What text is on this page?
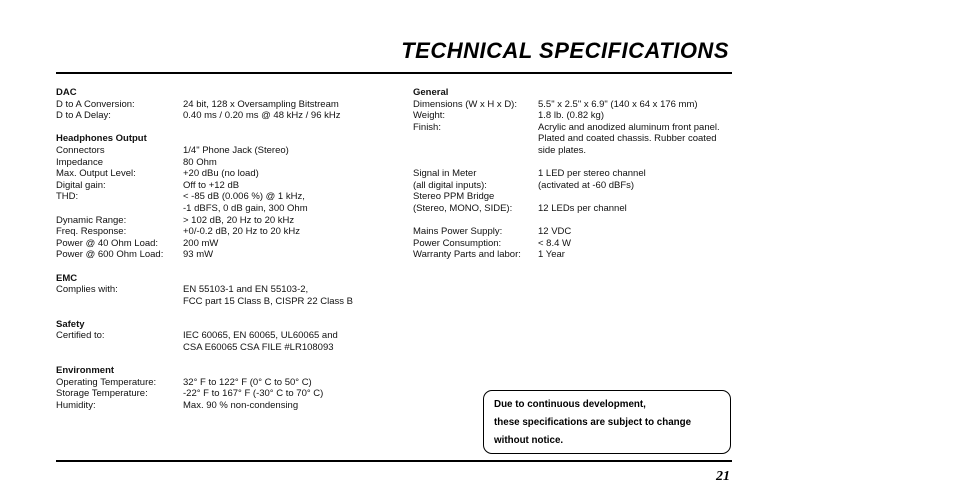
TECHNICAL SPECIFICATIONS
DAC
D to A Conversion:	24 bit, 128 x Oversampling Bitstream
D to A Delay:	0.40 ms / 0.20 ms @ 48 kHz / 96 kHz
Headphones Output
Connectors	1/4" Phone Jack (Stereo)
Impedance	80 Ohm
Max. Output Level:	+20 dBu (no load)
Digital gain:	Off to +12 dB
THD:	< -85 dB (0.006 %) @ 1 kHz,
-1 dBFS, 0 dB gain, 300 Ohm
Dynamic Range:	> 102 dB, 20 Hz to 20 kHz
Freq. Response:	+0/-0.2 dB, 20 Hz to 20 kHz
Power @ 40 Ohm Load:	200 mW
Power @ 600 Ohm Load:	93 mW
EMC
Complies with:	EN 55103-1 and EN 55103-2,
FCC part 15 Class B, CISPR 22 Class B
Safety
Certified to:	IEC 60065, EN 60065, UL60065 and
CSA E60065 CSA FILE #LR108093
Environment
Operating Temperature:	32° F to 122° F (0° C to 50° C)
Storage Temperature:	-22° F to 167° F (-30° C to 70° C)
Humidity:	Max. 90 % non-condensing
General
Dimensions (W x H x D):	5.5" x 2.5" x 6.9" (140 x 64 x 176 mm)
Weight:	1.8 lb. (0.82 kg)
Finish:	Acrylic and anodized aluminum front panel.
Plated and coated chassis. Rubber coated
side plates.
Signal in Meter	1 LED per stereo channel
(all digital inputs):	(activated at -60 dBFs)
Stereo PPM Bridge
(Stereo, MONO, SIDE):	12 LEDs per channel
Mains Power Supply:	12 VDC
Power Consumption:	< 8.4 W
Warranty Parts and labor:	1 Year
Due to continuous development,
these specifications are subject to change
without notice.
21
